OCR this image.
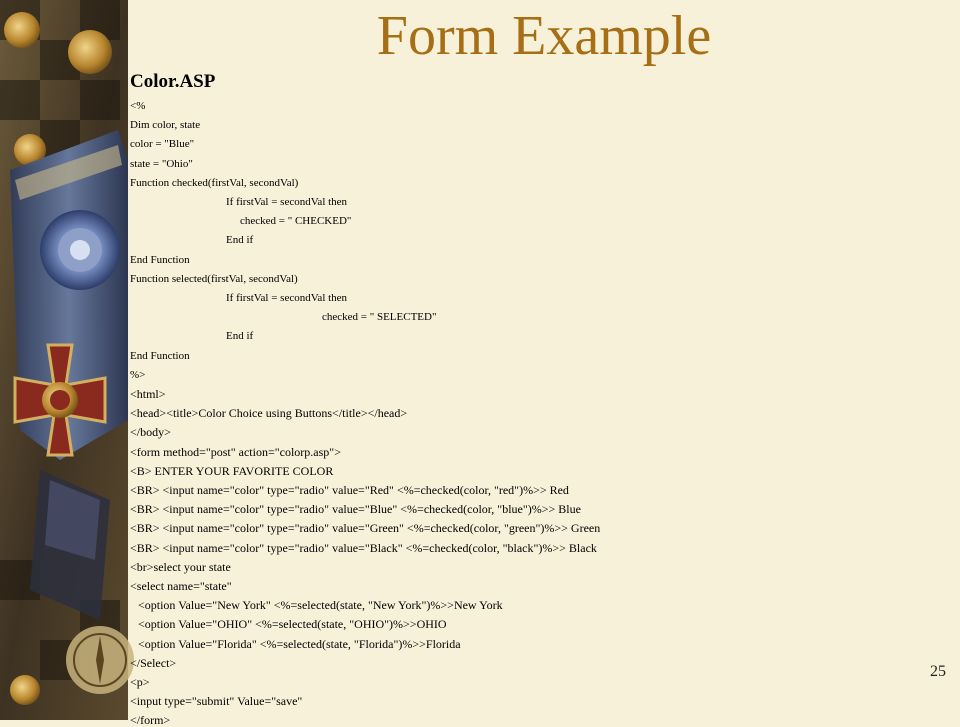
Form Example
Color.ASP
<%
Dim color, state
color = "Blue"
state = "Ohio"
Function checked(firstVal, secondVal)
If firstVal = secondVal then
checked = " CHECKED"
End if
End Function
Function selected(firstVal, secondVal)
If firstVal = secondVal then
checked = " SELECTED"
End if
End Function
%>
<html>
<head><title>Color Choice using Buttons</title></head>
</body>
<form method="post" action="colorp.asp">
<B> ENTER YOUR FAVORITE COLOR
<BR> <input name="color" type="radio" value="Red" <%=checked(color, "red")%>> Red
<BR> <input name="color" type="radio" value="Blue" <%=checked(color, "blue")%>> Blue
<BR> <input name="color" type="radio" value="Green" <%=checked(color, "green")%>> Green
<BR> <input name="color" type="radio" value="Black" <%=checked(color, "black")%>> Black
<br>select your state
<select name="state"
<option Value="New York" <%=selected(state, "New York")%>>New York
<option Value="OHIO" <%=selected(state, "OHIO")%>>OHIO
<option Value="Florida" <%=selected(state, "Florida")%>>Florida
</Select>
<p>
<input type="submit" Value="save"
</form>
25
